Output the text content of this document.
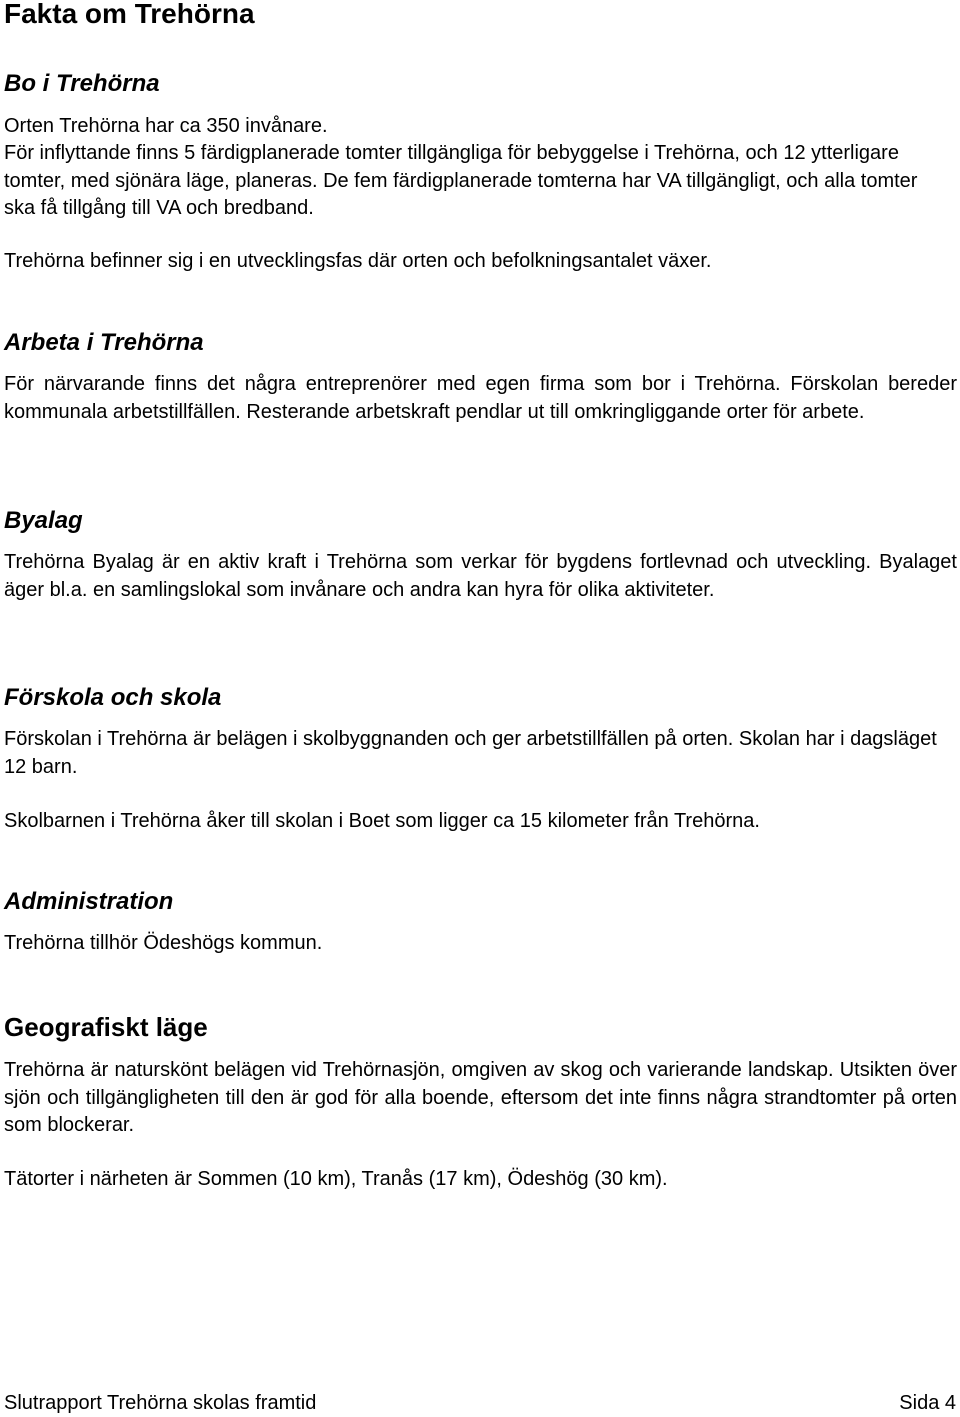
Fakta om Trehörna
Bo i Trehörna

Orten Trehörna har ca 350 invånare.

För inflyttande finns 5 färdigplanerade tomter tillgängliga för bebyggelse i Trehörna, och 12 ytterligare tomter, med sjönära läge, planeras. De fem färdigplanerade tomterna har VA tillgängligt, och alla tomter ska få tillgång till VA och bredband.

Trehörna befinner sig i en utvecklingsfas där orten och befolkningsantalet växer.

Arbeta i Trehörna

För närvarande finns det några entreprenörer med egen firma som bor i Trehörna. Förskolan bereder kommunala arbetstillfällen. Resterande arbetskraft pendlar ut till omkringliggande orter för arbete.

Byalag

Trehörna Byalag är en aktiv kraft i Trehörna som verkar för bygdens fortlevnad och utveckling. Byalaget äger bl.a. en samlingslokal som invånare och andra kan hyra för olika aktiviteter.

Förskola och skola

Förskolan i Trehörna är belägen i skolbyggnanden och ger arbetstillfällen på orten. Skolan har i dagsläget 12 barn.

Skolbarnen i Trehörna åker till skolan i Boet som ligger ca 15 kilometer från Trehörna.

Administration

Trehörna tillhör Ödeshögs kommun.

Geografiskt läge

Trehörna är naturskönt belägen vid Trehörnasjön, omgiven av skog och varierande landskap. Utsikten över sjön och tillgängligheten till den är god för alla boende, eftersom det inte finns några strandtomter på orten som blockerar.

Tätorter i närheten är Sommen (10 km), Tranås (17 km), Ödeshög (30 km).

Slutrapport Trehörna skolas framtid	Sida 4
